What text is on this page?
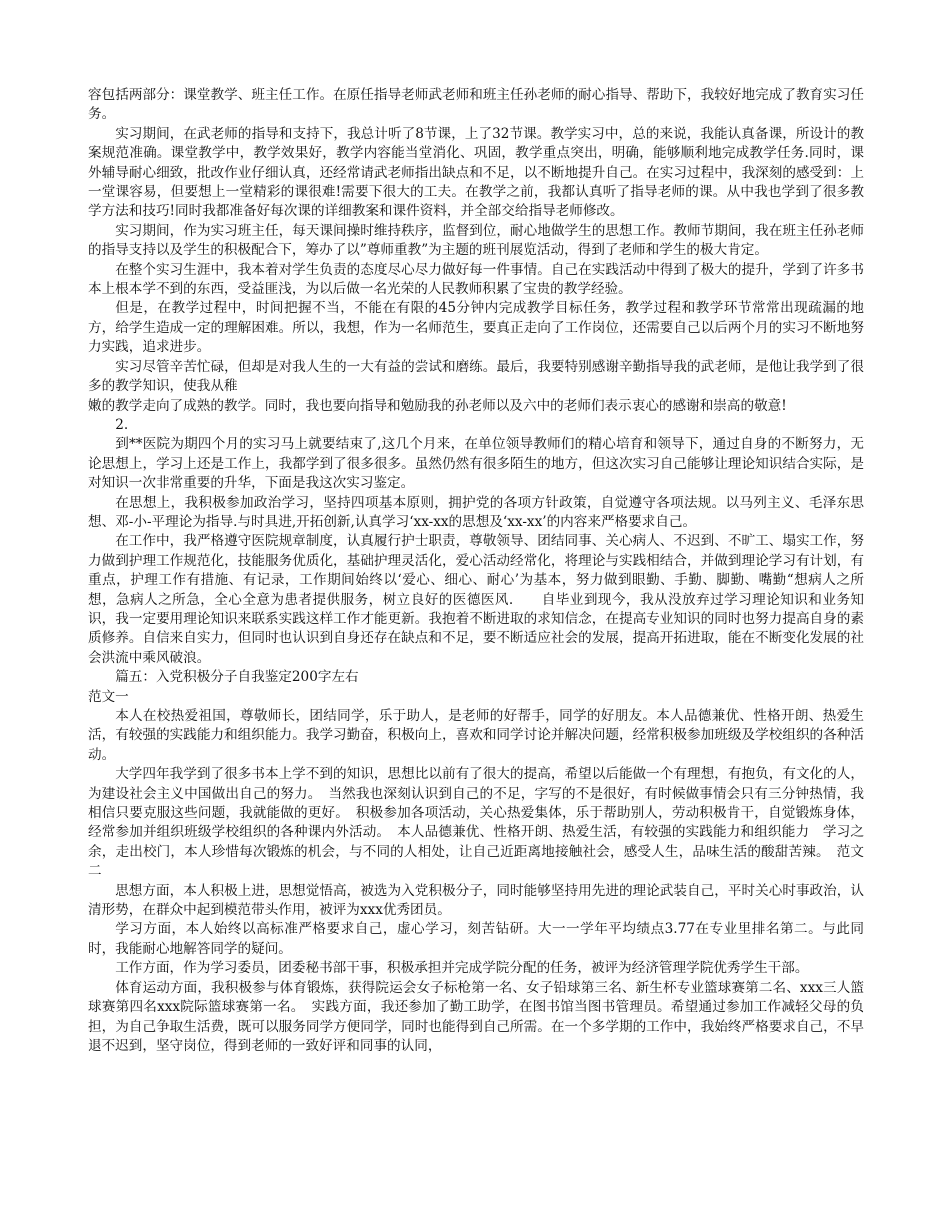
容包括两部分：课堂教学、班主任工作。在原任指导老师武老师和班主任孙老师的耐心指导、帮助下，我较好地完成了教育实习任务。

实习期间，在武老师的指导和支持下，我总计听了8节课，上了32节课。教学实习中，总的来说，我能认真备课，所设计的教案规范准确。课堂教学中，教学效果好，教学内容能当堂消化、巩固，教学重点突出，明确，能够顺利地完成教学任务.同时，课外辅导耐心细致，批改作业仔细认真，还经常请武老师指出缺点和不足，以不断地提升自己。在实习过程中，我深刻的感受到：上一堂课容易，但要想上一堂精彩的课很难!需要下很大的工夫。在教学之前，我都认真听了指导老师的课。从中我也学到了很多教学方法和技巧!同时我都准备好每次课的详细教案和课件资料，并全部交给指导老师修改。

实习期间，作为实习班主任，每天课间操时维持秩序，监督到位，耐心地做学生的思想工作。教师节期间，我在班主任孙老师的指导支持以及学生的积极配合下，筹办了以”尊师重教”为主题的班刊展览活动，得到了老师和学生的极大肯定。

在整个实习生涯中，我本着对学生负责的态度尽心尽力做好每一件事情。自己在实践活动中得到了极大的提升，学到了许多书本上根本学不到的东西，受益匪浅，为以后做一名光荣的人民教师积累了宝贵的教学经验。

但是，在教学过程中，时间把握不当，不能在有限的45分钟内完成教学目标任务，教学过程和教学环节常常出现疏漏的地方，给学生造成一定的理解困难。所以，我想，作为一名师范生，要真正走向了工作岗位，还需要自己以后两个月的实习不断地努力实践，追求进步。

实习尽管辛苦忙碌，但却是对我人生的一大有益的尝试和磨练。最后，我要特别感谢辛勤指导我的武老师，是他让我学到了很多的教学知识，使我从稚

嫩的教学走向了成熟的教学。同时，我也要向指导和勉励我的孙老师以及六中的老师们表示衷心的感谢和崇高的敬意!

2.

到**医院为期四个月的实习马上就要结束了,这几个月来，在单位领导教师们的精心培育和领导下，通过自身的不断努力，无论思想上，学习上还是工作上，我都学到了很多很多。虽然仍然有很多陌生的地方，但这次实习自己能够让理论知识结合实际，是对知识一次非常重要的升华，下面是我这次实习鉴定。

在思想上，我积极参加政治学习，坚持四项基本原则，拥护党的各项方针政策，自觉遵守各项法规。以马列主义、毛泽东思想、邓-小-平理论为指导.与时具进,开拓创新,认真学习‘xx-xx的思想及‘xx-xx’的内容来严格要求自己。

在工作中，我严格遵守医院规章制度，认真履行护士职责，尊敬领导、团结同事、关心病人、不迟到、不旷工、塌实工作，努力做到护理工作规范化，技能服务优质化，基础护理灵活化，爱心活动经常化，将理论与实践相结合，并做到理论学习有计划，有重点，护理工作有措施、有记录，工作期间始终以‘爱心、细心、耐心’为基本，努力做到眼勤、手勤、脚勤、嘴勤“想病人之所想，急病人之所急，全心全意为患者提供服务，树立良好的医德医风.　　自毕业到现今，我从没放弃过学习理论知识和业务知识，我一定要用理论知识来联系实践这样工作才能更新。我抱着不断进取的求知信念，在提高专业知识的同时也努力提高自身的素质修养。自信来自实力，但同时也认识到自身还存在缺点和不足，要不断适应社会的发展，提高开拓进取，能在不断变化发展的社会洪流中乘风破浪。

篇五：入党积极分子自我鉴定200字左右

范文一

本人在校热爱祖国，尊敬师长，团结同学，乐于助人，是老师的好帮手，同学的好朋友。本人品德兼优、性格开朗、热爱生活，有较强的实践能力和组织能力。我学习勤奋，积极向上，喜欢和同学讨论并解决问题，经常积极参加班级及学校组织的各种活动。

大学四年我学到了很多书本上学不到的知识，思想比以前有了很大的提高，希望以后能做一个有理想，有抱负，有文化的人，为建设社会主义中国做出自己的努力。　当然我也深刻认识到自己的不足，字写的不是很好，有时候做事情会只有三分钟热情，我相信只要克服这些问题，我就能做的更好。　积极参加各项活动，关心热爱集体，乐于帮助别人，劳动积极肯干，自觉锻炼身体，经常参加并组织班级学校组织的各种课内外活动。　本人品德兼优、性格开朗、热爱生活，有较强的实践能力和组织能力　学习之余，走出校门，本人珍惜每次锻炼的机会，与不同的人相处，让自己近距离地接触社会，感受人生，品味生活的酸甜苦辣。　范文二

思想方面，本人积极上进，思想觉悟高，被选为入党积极分子，同时能够坚持用先进的理论武装自己，平时关心时事政治，认清形势，在群众中起到模范带头作用，被评为xxx优秀团员。

学习方面，本人始终以高标准严格要求自己，虚心学习，刻苦钻研。大一一学年平均绩点3.77在专业里排名第二。与此同时，我能耐心地解答同学的疑问。

工作方面，作为学习委员，团委秘书部干事，积极承担并完成学院分配的任务，被评为经济管理学院优秀学生干部。

体育运动方面，我积极参与体育锻炼，获得院运会女子标枪第一名、女子铅球第三名、新生杯专业篮球赛第二名、xxx三人篮球赛第四名xxx院际篮球赛第一名。　实践方面，我还参加了勤工助学，在图书馆当图书管理员。希望通过参加工作减轻父母的负担，为自己争取生活费，既可以服务同学方便同学，同时也能得到自己所需。在一个多学期的工作中，我始终严格要求自己，不早退不迟到，坚守岗位，得到老师的一致好评和同事的认同，
